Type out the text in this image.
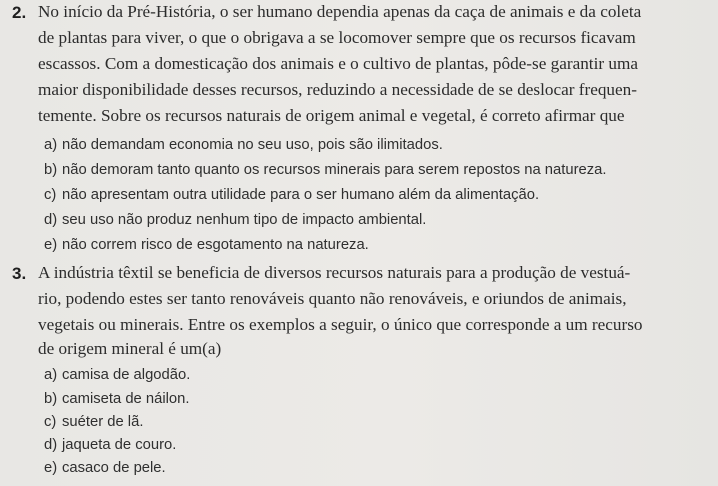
2. No início da Pré-História, o ser humano dependia apenas da caça de animais e da coleta
de plantas para viver, o que o obrigava a se locomover sempre que os recursos ficavam
escassos. Com a domesticação dos animais e o cultivo de plantas, pôde-se garantir uma
maior disponibilidade desses recursos, reduzindo a necessidade de se deslocar frequen-
temente. Sobre os recursos naturais de origem animal e vegetal, é correto afirmar que
a) não demandam economia no seu uso, pois são ilimitados.
b) não demoram tanto quanto os recursos minerais para serem repostos na natureza.
c) não apresentam outra utilidade para o ser humano além da alimentação.
d) seu uso não produz nenhum tipo de impacto ambiental.
e) não correm risco de esgotamento na natureza.
3. A indústria têxtil se beneficia de diversos recursos naturais para a produção de vestuá-
rio, podendo estes ser tanto renováveis quanto não renováveis, e oriundos de animais,
vegetais ou minerais. Entre os exemplos a seguir, o único que corresponde a um recurso
de origem mineral é um(a)
a) camisa de algodão.
b) camiseta de náilon.
c) suéter de lã.
d) jaqueta de couro.
e) casaco de pele.
